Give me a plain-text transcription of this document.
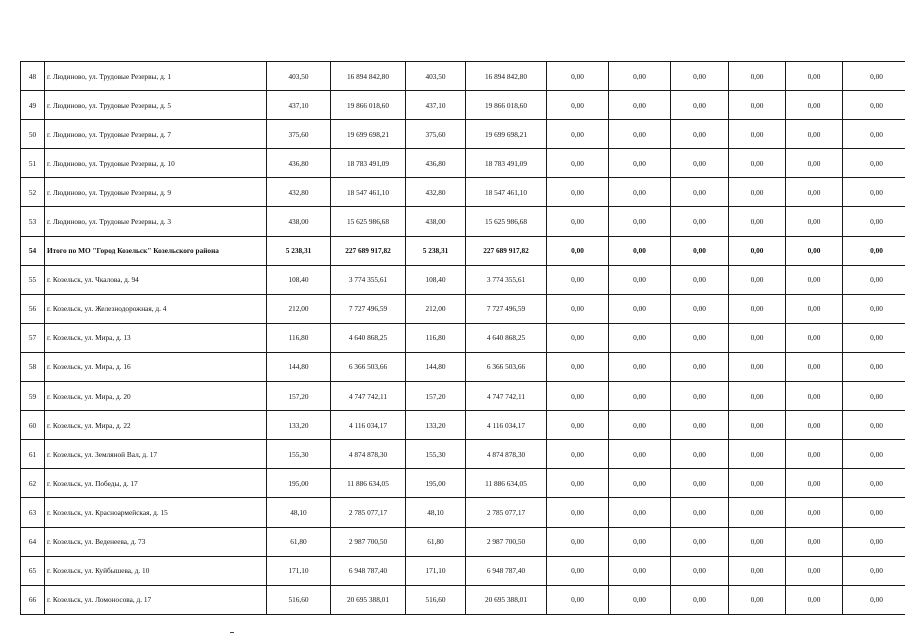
48	г. Людиново, ул. Трудовые Резервы, д. 1	403,50	16 894 842,80	403,50	16 894 842,80	0,00	0,00	0,00	0,00	0,00	0,00
49	г. Людиново, ул. Трудовые Резервы, д. 5	437,10	19 866 018,60	437,10	19 866 018,60	0,00	0,00	0,00	0,00	0,00	0,00
50	г. Людиново, ул. Трудовые Резервы, д. 7	375,60	19 699 698,21	375,60	19 699 698,21	0,00	0,00	0,00	0,00	0,00	0,00
51	г. Людиново, ул. Трудовые Резервы, д. 10	436,80	18 783 491,09	436,80	18 783 491,09	0,00	0,00	0,00	0,00	0,00	0,00
52	г. Людиново, ул. Трудовые Резервы, д. 9	432,80	18 547 461,10	432,80	18 547 461,10	0,00	0,00	0,00	0,00	0,00	0,00
53	г. Людиново, ул. Трудовые Резервы, д. 3	438,00	15 625 986,68	438,00	15 625 986,68	0,00	0,00	0,00	0,00	0,00	0,00
54	Итого по МО "Город Козельск" Козельского района	5 238,31	227 689 917,82	5 238,31	227 689 917,82	0,00	0,00	0,00	0,00	0,00	0,00
55	г. Козельск, ул. Чкалова, д. 94	108,40	3 774 355,61	108,40	3 774 355,61	0,00	0,00	0,00	0,00	0,00	0,00
56	г. Козельск, ул. Железнодорожная, д. 4	212,00	7 727 496,59	212,00	7 727 496,59	0,00	0,00	0,00	0,00	0,00	0,00
57	г. Козельск, ул. Мира, д. 13	116,80	4 640 868,25	116,80	4 640 868,25	0,00	0,00	0,00	0,00	0,00	0,00
58	г. Козельск, ул. Мира, д. 16	144,80	6 366 503,66	144,80	6 366 503,66	0,00	0,00	0,00	0,00	0,00	0,00
59	г. Козельск, ул. Мира, д. 20	157,20	4 747 742,11	157,20	4 747 742,11	0,00	0,00	0,00	0,00	0,00	0,00
60	г. Козельск, ул. Мира, д. 22	133,20	4 116 034,17	133,20	4 116 034,17	0,00	0,00	0,00	0,00	0,00	0,00
61	г. Козельск, ул. Земляной Вал, д. 17	155,30	4 874 878,30	155,30	4 874 878,30	0,00	0,00	0,00	0,00	0,00	0,00
62	г. Козельск, ул. Победы, д. 17	195,00	11 886 634,05	195,00	11 886 634,05	0,00	0,00	0,00	0,00	0,00	0,00
63	г. Козельск, ул. Красноармейская, д. 15	48,10	2 785 077,17	48,10	2 785 077,17	0,00	0,00	0,00	0,00	0,00	0,00
64	г. Козельск, ул. Веденеева, д. 73	61,80	2 987 700,50	61,80	2 987 700,50	0,00	0,00	0,00	0,00	0,00	0,00
65	г. Козельск, ул. Куйбышева, д. 10	171,10	6 948 787,40	171,10	6 948 787,40	0,00	0,00	0,00	0,00	0,00	0,00
66	г. Козельск, ул. Ломоносова, д. 17	516,60	20 695 388,01	516,60	20 695 388,01	0,00	0,00	0,00	0,00	0,00	0,00
